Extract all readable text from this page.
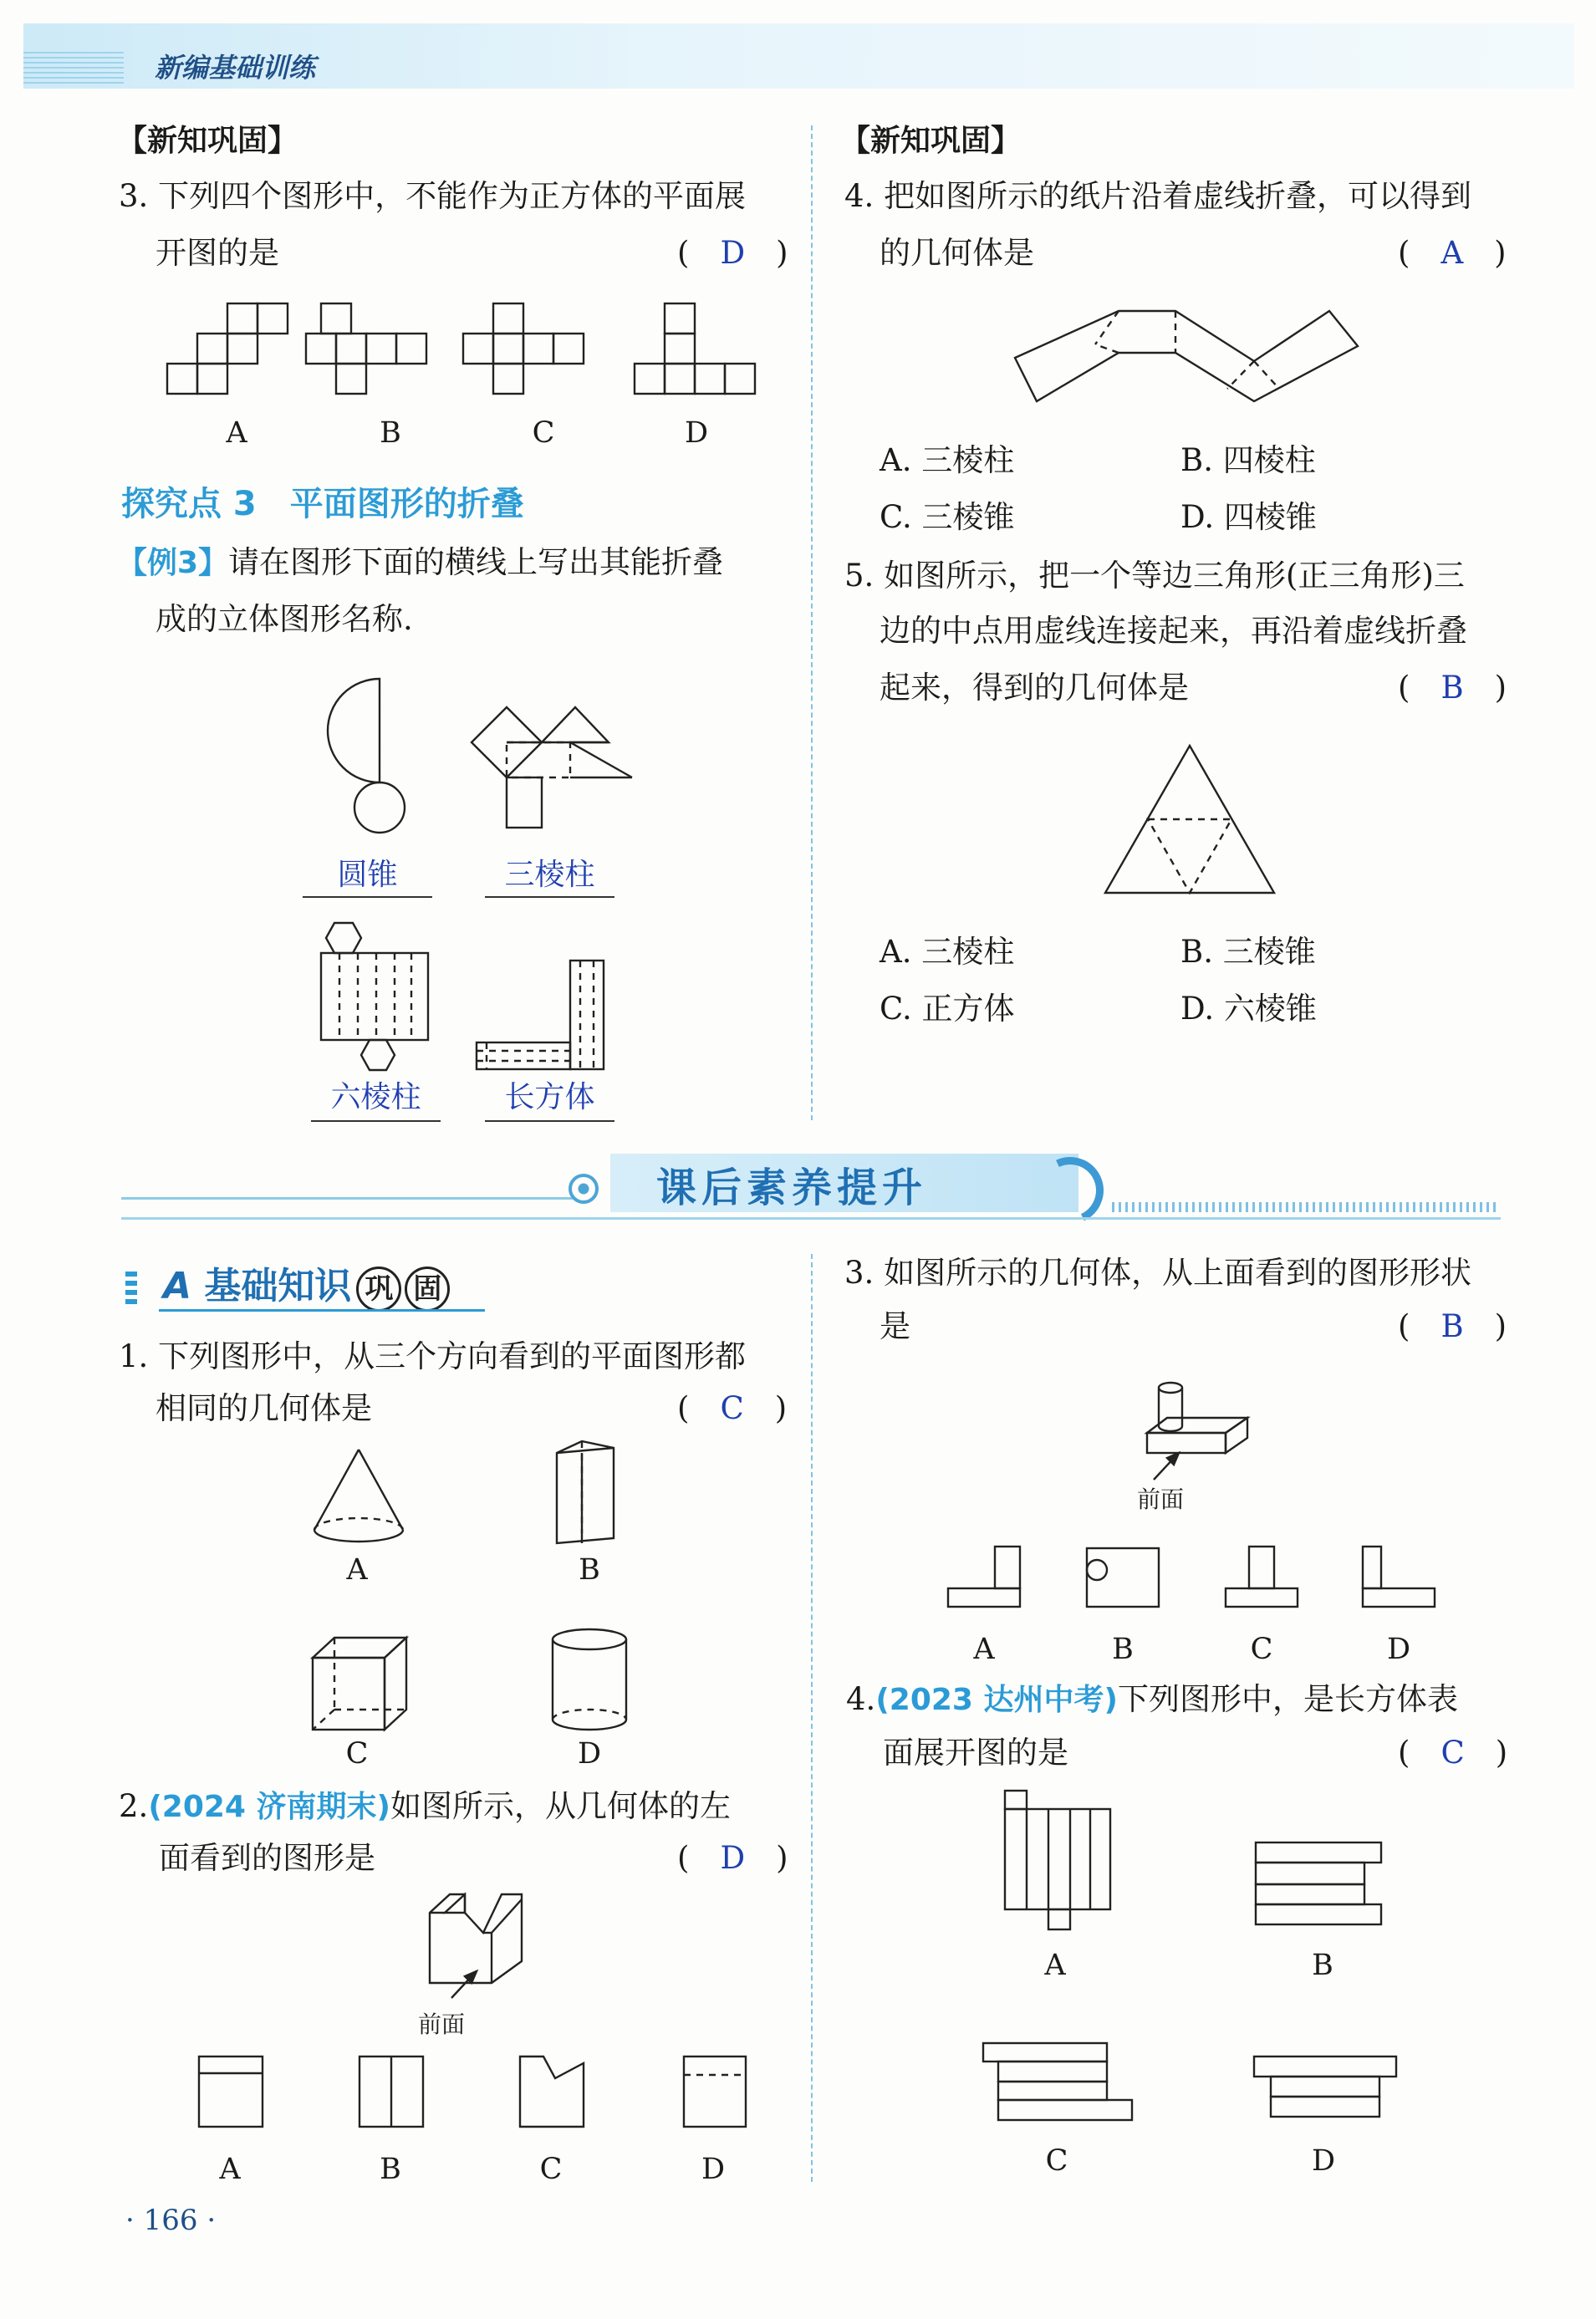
新编基础训练
【新知巩固】
3. 下列四个图形中，不能作为正方体的平面展
开图的是	(　D　)
A	B	C	D
探究点 3　平面图形的折叠
【例3】请在图形下面的横线上写出其能折叠
成的立体图形名称.
圆锥	三棱柱
六棱柱	长方体
【新知巩固】
4. 把如图所示的纸片沿着虚线折叠，可以得到
的几何体是	(　A　)
A. 三棱柱	B. 四棱柱
C. 三棱锥	D. 四棱锥
5. 如图所示，把一个等边三角形(正三角形)三
边的中点用虚线连接起来，再沿着虚线折叠
起来，得到的几何体是	(　B　)
A. 三棱柱	B. 三棱锥
C. 正方体	D. 六棱锥
课后素养提升
A 基础知识 巩 固
1. 下列图形中，从三个方向看到的平面图形都
相同的几何体是	(　C　)
A	B
C	D
2.(2024 济南期末)如图所示，从几何体的左
面看到的图形是	(　D　)
前面
A	B	C	D
3. 如图所示的几何体，从上面看到的图形形状
是	(　B　)
前面
A	B	C	D
4.(2023 达州中考)下列图形中，是长方体表
面展开图的是	(　C　)
A	B
C	D
· 166 ·
